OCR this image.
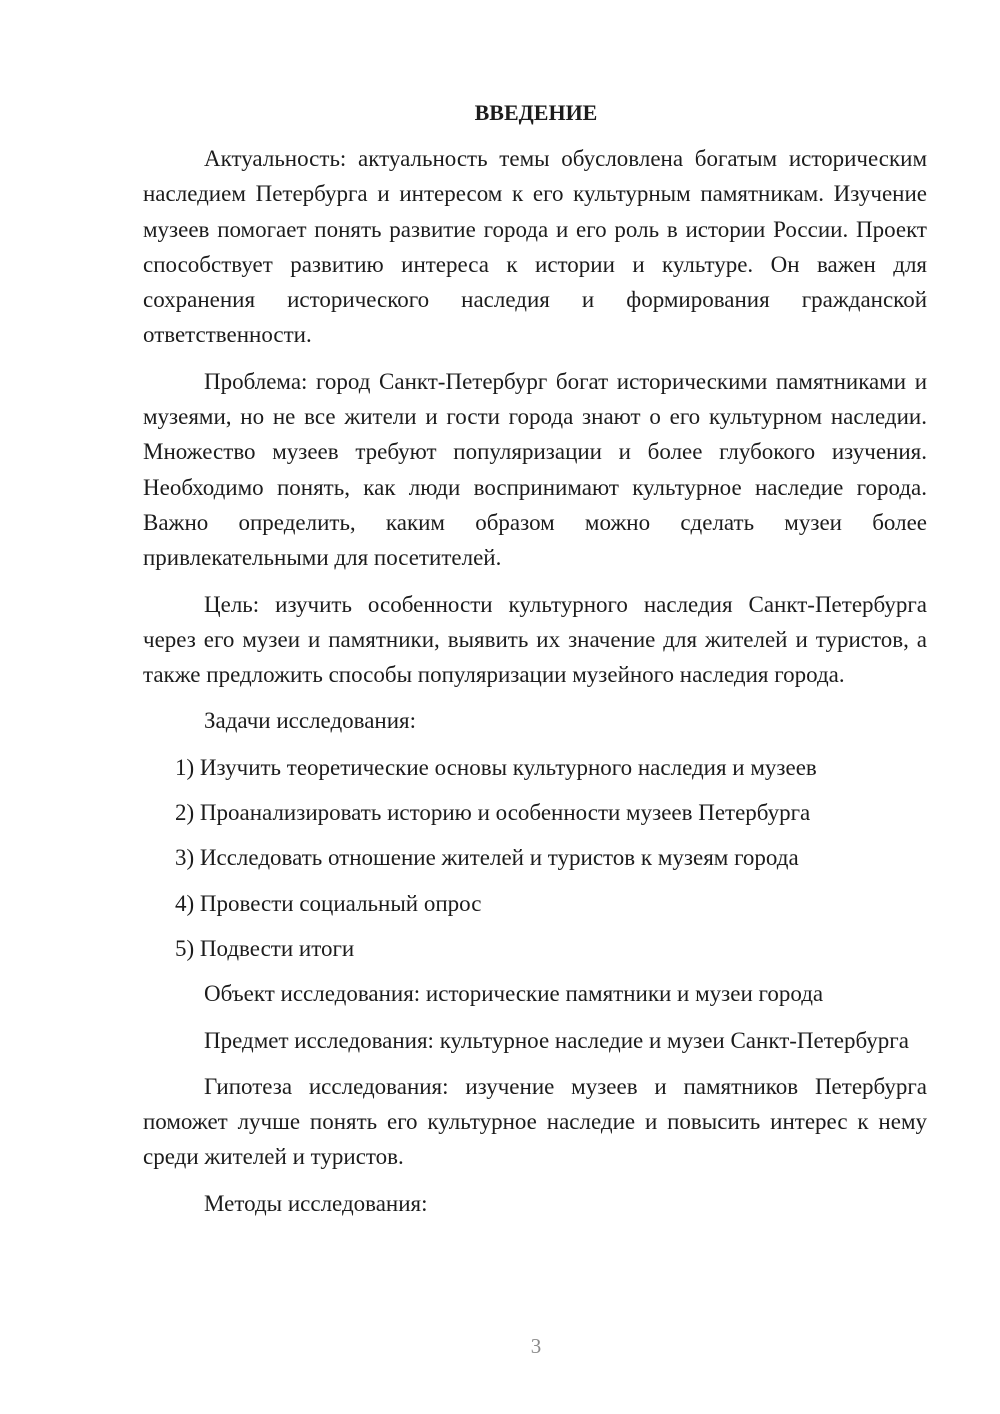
ВВЕДЕНИЕ

Актуальность: актуальность темы обусловлена богатым историческим наследием Петербурга и интересом к его культурным памятникам. Изучение музеев помогает понять развитие города и его роль в истории России. Проект способствует развитию интереса к истории и культуре. Он важен для сохранения исторического наследия и формирования гражданской ответственности.

Проблема: город Санкт-Петербург богат историческими памятниками и музеями, но не все жители и гости города знают о его культурном наследии. Множество музеев требуют популяризации и более глубокого изучения. Необходимо понять, как люди воспринимают культурное наследие города. Важно определить, каким образом можно сделать музеи более привлекательными для посетителей.

Цель: изучить особенности культурного наследия Санкт-Петербурга через его музеи и памятники, выявить их значение для жителей и туристов, а также предложить способы популяризации музейного наследия города.

Задачи исследования:

1) Изучить теоретические основы культурного наследия и музеев
2) Проанализировать историю и особенности музеев Петербурга
3) Исследовать отношение жителей и туристов к музеям города
4) Провести социальный опрос
5) Подвести итоги

Объект исследования: исторические памятники и музеи города

Предмет исследования: культурное наследие и музеи Санкт-Петербурга

Гипотеза исследования: изучение музеев и памятников Петербурга поможет лучше понять его культурное наследие и повысить интерес к нему среди жителей и туристов.

Методы исследования:

3
